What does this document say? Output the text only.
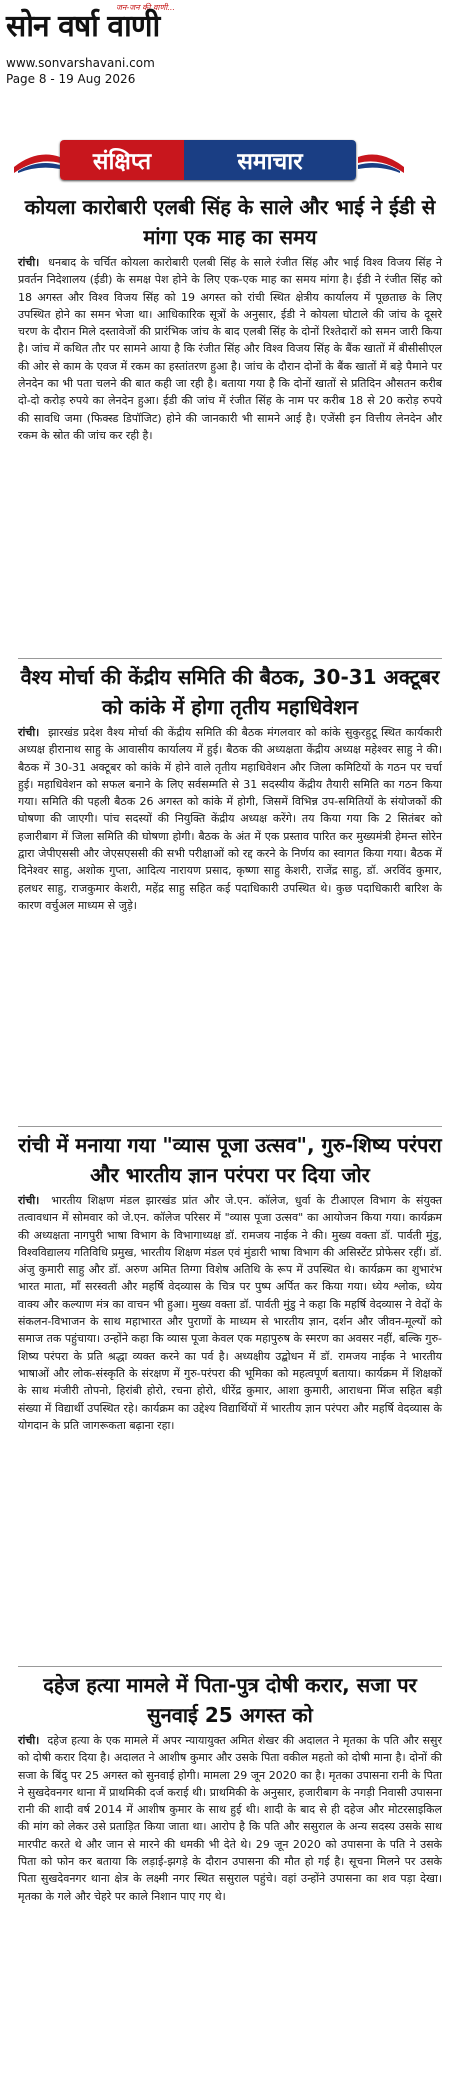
जन-जन की वाणी...
सोन वर्षा वाणी
www.sonvarshavani.com
Page 8 - 19 Aug 2026
संक्षिप्त	समाचार
कोयला कारोबारी एलबी सिंह के साले और भाई ने ईडी से मांगा एक माह का समय

रांची। धनबाद के चर्चित कोयला कारोबारी एलबी सिंह के साले रंजीत सिंह और भाई विश्व विजय सिंह ने प्रवर्तन निदेशालय (ईडी) के समक्ष पेश होने के लिए एक-एक माह का समय मांगा है। ईडी ने रंजीत सिंह को 18 अगस्त और विश्व विजय सिंह को 19 अगस्त को रांची स्थित क्षेत्रीय कार्यालय में पूछताछ के लिए उपस्थित होने का समन भेजा था। आधिकारिक सूत्रों के अनुसार, ईडी ने कोयला घोटाले की जांच के दूसरे चरण के दौरान मिले दस्तावेजों की प्रारंभिक जांच के बाद एलबी सिंह के दोनों रिश्तेदारों को समन जारी किया है। जांच में कथित तौर पर सामने आया है कि रंजीत सिंह और विश्व विजय सिंह के बैंक खातों में बीसीसीएल की ओर से काम के एवज में रकम का हस्तांतरण हुआ है। जांच के दौरान दोनों के बैंक खातों में बड़े पैमाने पर लेनदेन का भी पता चलने की बात कही जा रही है। बताया गया है कि दोनों खातों से प्रतिदिन औसतन करीब दो-दो करोड़ रुपये का लेनदेन हुआ। ईडी की जांच में रंजीत सिंह के नाम पर करीब 18 से 20 करोड़ रुपये की सावधि जमा (फिक्स्ड डिपॉजिट) होने की जानकारी भी सामने आई है। एजेंसी इन वित्तीय लेनदेन और रकम के स्रोत की जांच कर रही है।

वैश्य मोर्चा की केंद्रीय समिति की बैठक, 30-31 अक्टूबर को कांके में होगा तृतीय महाधिवेशन

रांची। झारखंड प्रदेश वैश्य मोर्चा की केंद्रीय समिति की बैठक मंगलवार को कांके सुकुरहुटू स्थित कार्यकारी अध्यक्ष हीरानाथ साहु के आवासीय कार्यालय में हुई। बैठक की अध्यक्षता केंद्रीय अध्यक्ष महेश्वर साहु ने की। बैठक में 30-31 अक्टूबर को कांके में होने वाले तृतीय महाधिवेशन और जिला कमिटियों के गठन पर चर्चा हुई। महाधिवेशन को सफल बनाने के लिए सर्वसम्मति से 31 सदस्यीय केंद्रीय तैयारी समिति का गठन किया गया। समिति की पहली बैठक 26 अगस्त को कांके में होगी, जिसमें विभिन्न उप-समितियों के संयोजकों की घोषणा की जाएगी। पांच सदस्यों की नियुक्ति केंद्रीय अध्यक्ष करेंगे। तय किया गया कि 2 सितंबर को हजारीबाग में जिला समिति की घोषणा होगी। बैठक के अंत में एक प्रस्ताव पारित कर मुख्यमंत्री हेमन्त सोरेन द्वारा जेपीएससी और जेएसएससी की सभी परीक्षाओं को रद्द करने के निर्णय का स्वागत किया गया। बैठक में दिनेश्वर साहु, अशोक गुप्ता, आदित्य नारायण प्रसाद, कृष्णा साहु केशरी, राजेंद्र साहु, डॉ. अरविंद कुमार, हलधर साहु, राजकुमार केशरी, महेंद्र साहु सहित कई पदाधिकारी उपस्थित थे। कुछ पदाधिकारी बारिश के कारण वर्चुअल माध्यम से जुड़े।

रांची में मनाया गया "व्यास पूजा उत्सव", गुरु-शिष्य परंपरा और भारतीय ज्ञान परंपरा पर दिया जोर

रांची। भारतीय शिक्षण मंडल झारखंड प्रांत और जे.एन. कॉलेज, धुर्वा के टीआएल विभाग के संयुक्त तत्वावधान में सोमवार को जे.एन. कॉलेज परिसर में "व्यास पूजा उत्सव" का आयोजन किया गया। कार्यक्रम की अध्यक्षता नागपुरी भाषा विभाग के विभागाध्यक्ष डॉ. रामजय नाईक ने की। मुख्य वक्ता डॉ. पार्वती मुंडु, विश्वविद्यालय गतिविधि प्रमुख, भारतीय शिक्षण मंडल एवं मुंडारी भाषा विभाग की असिस्टेंट प्रोफेसर रहीं। डॉ. अंजु कुमारी साहु और डॉ. अरुण अमित तिग्गा विशेष अतिथि के रूप में उपस्थित थे। कार्यक्रम का शुभारंभ भारत माता, माँ सरस्वती और महर्षि वेदव्यास के चित्र पर पुष्प अर्पित कर किया गया। ध्येय श्लोक, ध्येय वाक्य और कल्याण मंत्र का वाचन भी हुआ। मुख्य वक्ता डॉ. पार्वती मुंडु ने कहा कि महर्षि वेदव्यास ने वेदों के संकलन-विभाजन के साथ महाभारत और पुराणों के माध्यम से भारतीय ज्ञान, दर्शन और जीवन-मूल्यों को समाज तक पहुंचाया। उन्होंने कहा कि व्यास पूजा केवल एक महापुरुष के स्मरण का अवसर नहीं, बल्कि गुरु-शिष्य परंपरा के प्रति श्रद्धा व्यक्त करने का पर्व है। अध्यक्षीय उद्बोधन में डॉ. रामजय नाईक ने भारतीय भाषाओं और लोक-संस्कृति के संरक्षण में गुरु-परंपरा की भूमिका को महत्वपूर्ण बताया। कार्यक्रम में शिक्षकों के साथ मंजीरी तोपनो, हिरांबी होरो, रचना होरो, धीरेंद्र कुमार, आशा कुमारी, आराधना मिंज सहित बड़ी संख्या में विद्यार्थी उपस्थित रहे। कार्यक्रम का उद्देश्य विद्यार्थियों में भारतीय ज्ञान परंपरा और महर्षि वेदव्यास के योगदान के प्रति जागरूकता बढ़ाना रहा।

दहेज हत्या मामले में पिता-पुत्र दोषी करार, सजा पर सुनवाई 25 अगस्त को

रांची। दहेज हत्या के एक मामले में अपर न्यायायुक्त अमित शेखर की अदालत ने मृतका के पति और ससुर को दोषी करार दिया है। अदालत ने आशीष कुमार और उसके पिता वकील महतो को दोषी माना है। दोनों की सजा के बिंदु पर 25 अगस्त को सुनवाई होगी। मामला 29 जून 2020 का है। मृतका उपासना रानी के पिता ने सुखदेवनगर थाना में प्राथमिकी दर्ज कराई थी। प्राथमिकी के अनुसार, हजारीबाग के नगड़ी निवासी उपासना रानी की शादी वर्ष 2014 में आशीष कुमार के साथ हुई थी। शादी के बाद से ही दहेज और मोटरसाइकिल की मांग को लेकर उसे प्रताड़ित किया जाता था। आरोप है कि पति और ससुराल के अन्य सदस्य उसके साथ मारपीट करते थे और जान से मारने की धमकी भी देते थे। 29 जून 2020 को उपासना के पति ने उसके पिता को फोन कर बताया कि लड़ाई-झगड़े के दौरान उपासना की मौत हो गई है। सूचना मिलने पर उसके पिता सुखदेवनगर थाना क्षेत्र के लक्ष्मी नगर स्थित ससुराल पहुंचे। वहां उन्होंने उपासना का शव पड़ा देखा। मृतका के गले और चेहरे पर काले निशान पाए गए थे।
